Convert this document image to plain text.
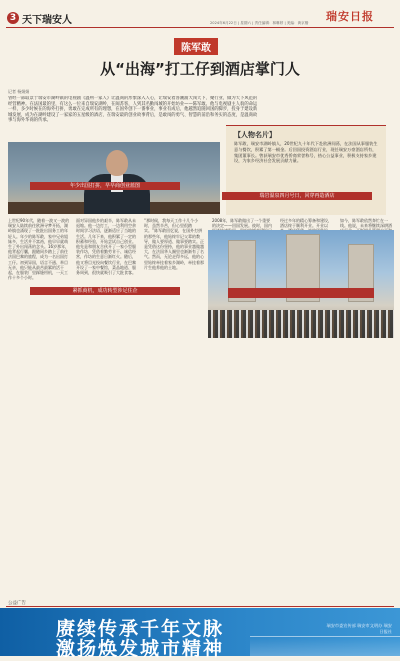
3 天下瑞安人	瑞安日报
2024年6月22日 | 星期六 | 责任编辑：林琳婷 | 美编：黄京楷
陈军敢
从“出海”打工仔到酒店掌门人
记者 杨娟娟
曾经一部取景于瑞安市湖岭镇的电视剧《温州一家人》让温商的形象深入人心，让瑞安着客潮涌大闯天下、聚行业，做为天下风范的经营精神。在法国最的里，有这么一位来自瑞安湖岭，在闽苏客，人到其名勤闯城的开始坊业——陈军敢。他与电视剧主人翁的命运一样，多少时候在的海外打拼，勇敢在完成所有的理想，在国外创下一番事业，事业有成后，他越然追随回国的脚步，投身于建设新城发展，成为在湖岭建设了一家家的五星级的酒店，在瑞安最的创业故事背后，是敢闯的勇气、智慧的前沿和务实的态度，是温商故事与海外华商的传承。
【人物名片】
陈军敢，瑞安市湖岭镇人，20世纪九十年代下赴欧洲闯荡，在法国从事服装生意与餐饮，积累了第一桶金。后回国投资酒店行业，现任瑞安万豪酒店所有，集团董事长。曾获瑞安市优秀侨商荣誉称号，热心公益事业，积极支持家乡建设，为家乡经济社会发展贡献力量。
上世纪90年代，随着一波又一波的瑞安人陆续前往欧洲寻梦开拓，湖岭镇也涌现了一批批出国务工的年轻人。年少的陈军敢，家中兄弟姐妹多，生活并不富裕，他早早就萌生了外出闯荡的念头。16岁那年，他背起行囊，跟随同乡踏上了前往法国巴黎的旅程，成为一名出国打工仔。初到异国，语言不通、举目无亲，他只能从最苦最累的活干起，在服装厂里踩缝纫机，一天工作十多个小时。
面对异国他乡的艰辛，陈军敢从未退缩。他一边打工，一边利用空余时间学习法语，逐渐适应了当地的生活。几年下来，他积累了一定的积蓄和经验，开始尝试自己创业。他先是和朋友合伙开了一家小型服装作坊，凭借着勤劳肯干、诚信经营，作坊的生意日渐红火。随后，他又将目光投向餐饮行业，在巴黎开设了一家中餐馆，菜品地道、服务周到，很快就吸引了大批食客。
“那时候，我每天工作十几个小时，虽然辛苦，但心里很踏实。”陈军敢回忆说，在国外打拼的那些年，他始终牢记父辈的教导，做人要厚道、做事要踏实。正是凭借这份坚持，他的事业越做越大，在法国华人圈里也渐渐有了名气。然而，无论走得多远，他的心里始终牵挂着家乡湖岭，牵挂着那片生他养他的土地。
2008年，陈军敢做出了一个重要的决定——回国发展。彼时，国内
经过多年的精心筹备和建设，酒店终于顺利开业。开业以
如今，陈军敢依然奔忙在一线。他说，未来将继续深耕酒
年少出国打拼，早早商创业蓝图
瑞岩温泉四月号日，回穿再造酒店
紧抓商机，成功转型涉足住企
公益广告
赓续传承千年文脉
激扬焕发城市精神
瑞安市委宣传部 瑞安市文明办 瑞安日报社
